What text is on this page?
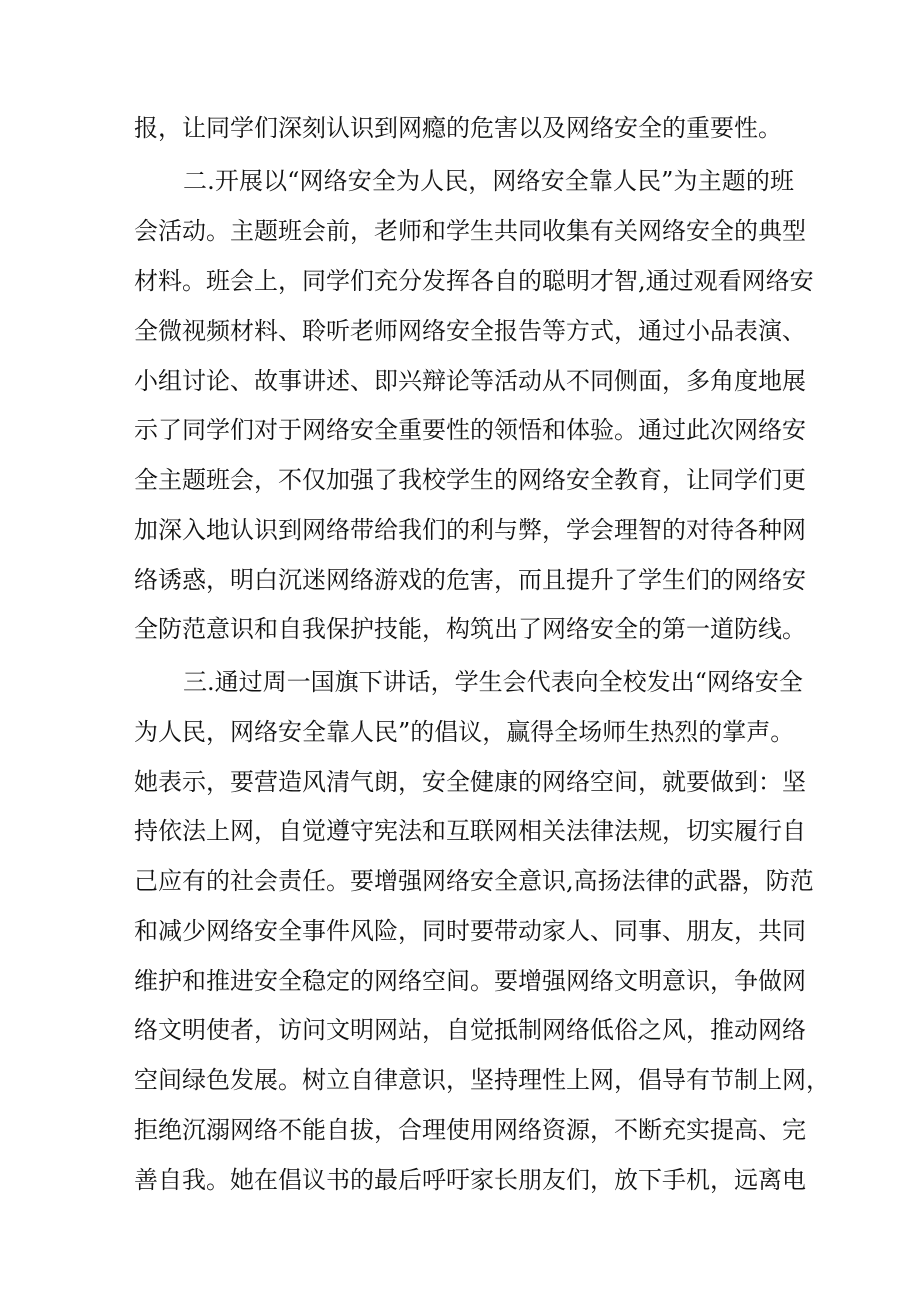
报，让同学们深刻认识到网瘾的危害以及网络安全的重要性。
二.开展以“网络安全为人民，网络安全靠人民”为主题的班
会活动。主题班会前，老师和学生共同收集有关网络安全的典型
材料。班会上，同学们充分发挥各自的聪明才智,通过观看网络安
全微视频材料、聆听老师网络安全报告等方式，通过小品表演、
小组讨论、故事讲述、即兴辩论等活动从不同侧面，多角度地展
示了同学们对于网络安全重要性的领悟和体验。通过此次网络安
全主题班会，不仅加强了我校学生的网络安全教育，让同学们更
加深入地认识到网络带给我们的利与弊，学会理智的对待各种网
络诱惑，明白沉迷网络游戏的危害，而且提升了学生们的网络安
全防范意识和自我保护技能，构筑出了网络安全的第一道防线。
三.通过周一国旗下讲话，学生会代表向全校发出“网络安全
为人民，网络安全靠人民”的倡议，赢得全场师生热烈的掌声。
她表示，要营造风清气朗，安全健康的网络空间，就要做到：坚
持依法上网，自觉遵守宪法和互联网相关法律法规，切实履行自
己应有的社会责任。要增强网络安全意识,高扬法律的武器，防范
和减少网络安全事件风险，同时要带动家人、同事、朋友，共同
维护和推进安全稳定的网络空间。要增强网络文明意识，争做网
络文明使者，访问文明网站，自觉抵制网络低俗之风，推动网络
空间绿色发展。树立自律意识，坚持理性上网，倡导有节制上网，
拒绝沉溺网络不能自拔，合理使用网络资源，不断充实提高、完
善自我。她在倡议书的最后呼吁家长朋友们，放下手机，远离电
